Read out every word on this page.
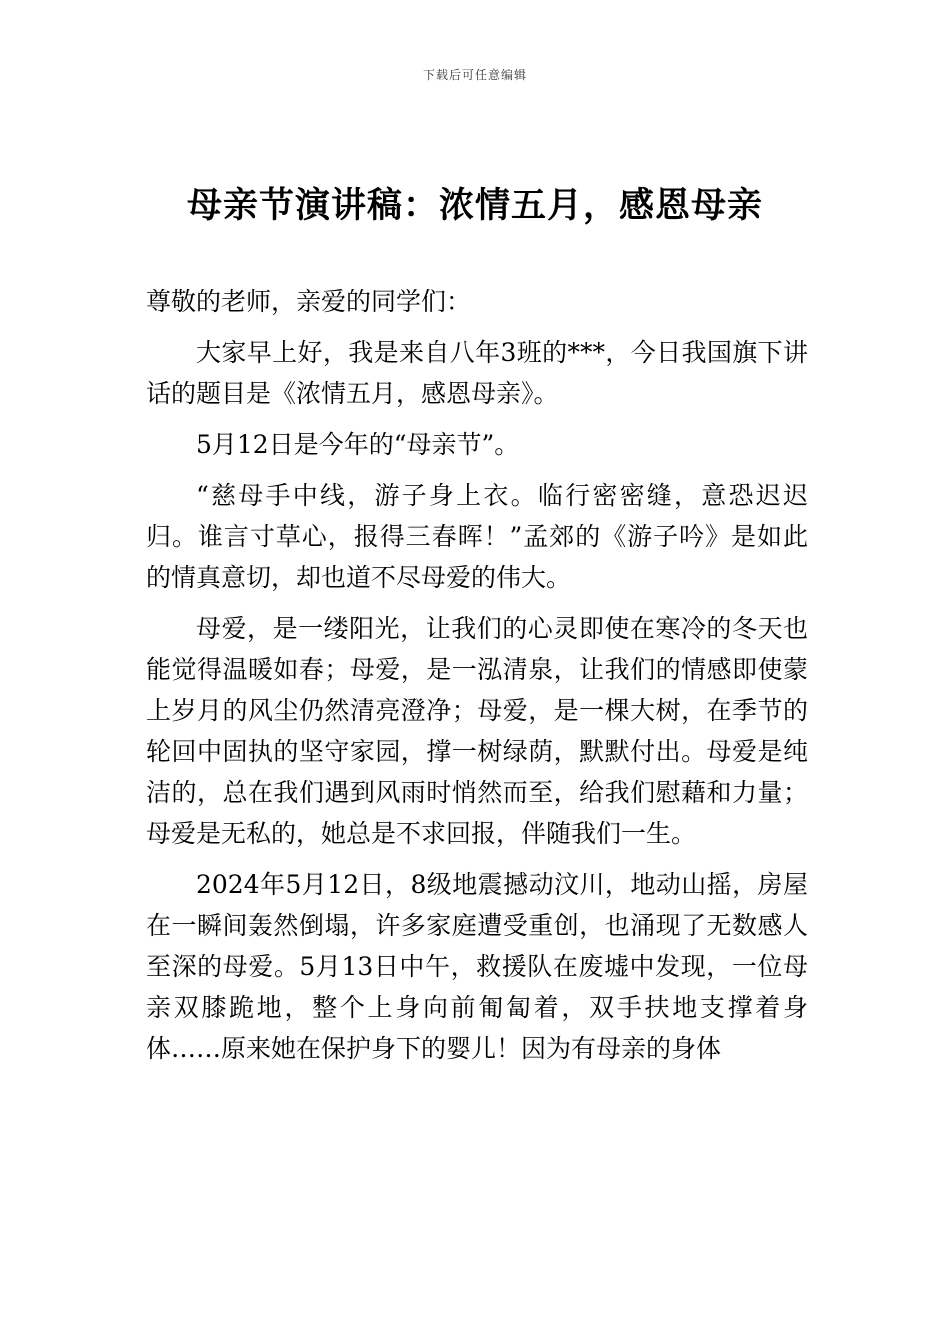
下载后可任意编辑
母亲节演讲稿：浓情五月，感恩母亲

尊敬的老师，亲爱的同学们：

大家早上好，我是来自八年3班的***，今日我国旗下讲话的题目是《浓情五月，感恩母亲》。

5月12日是今年的“母亲节”。

“慈母手中线，游子身上衣。临行密密缝，意恐迟迟归。谁言寸草心，报得三春晖！”孟郊的《游子吟》是如此的情真意切，却也道不尽母爱的伟大。

母爱，是一缕阳光，让我们的心灵即使在寒冷的冬天也能觉得温暖如春；母爱，是一泓清泉，让我们的情感即使蒙上岁月的风尘仍然清亮澄净；母爱，是一棵大树，在季节的轮回中固执的坚守家园，撑一树绿荫，默默付出。母爱是纯洁的，总在我们遇到风雨时悄然而至，给我们慰藉和力量；母爱是无私的，她总是不求回报，伴随我们一生。

2024年5月12日，8级地震撼动汶川，地动山摇，房屋在一瞬间轰然倒塌，许多家庭遭受重创，也涌现了无数感人至深的母爱。5月13日中午，救援队在废墟中发现，一位母亲双膝跪地，整个上身向前匍匐着，双手扶地支撑着身体……原来她在保护身下的婴儿！因为有母亲的身体
